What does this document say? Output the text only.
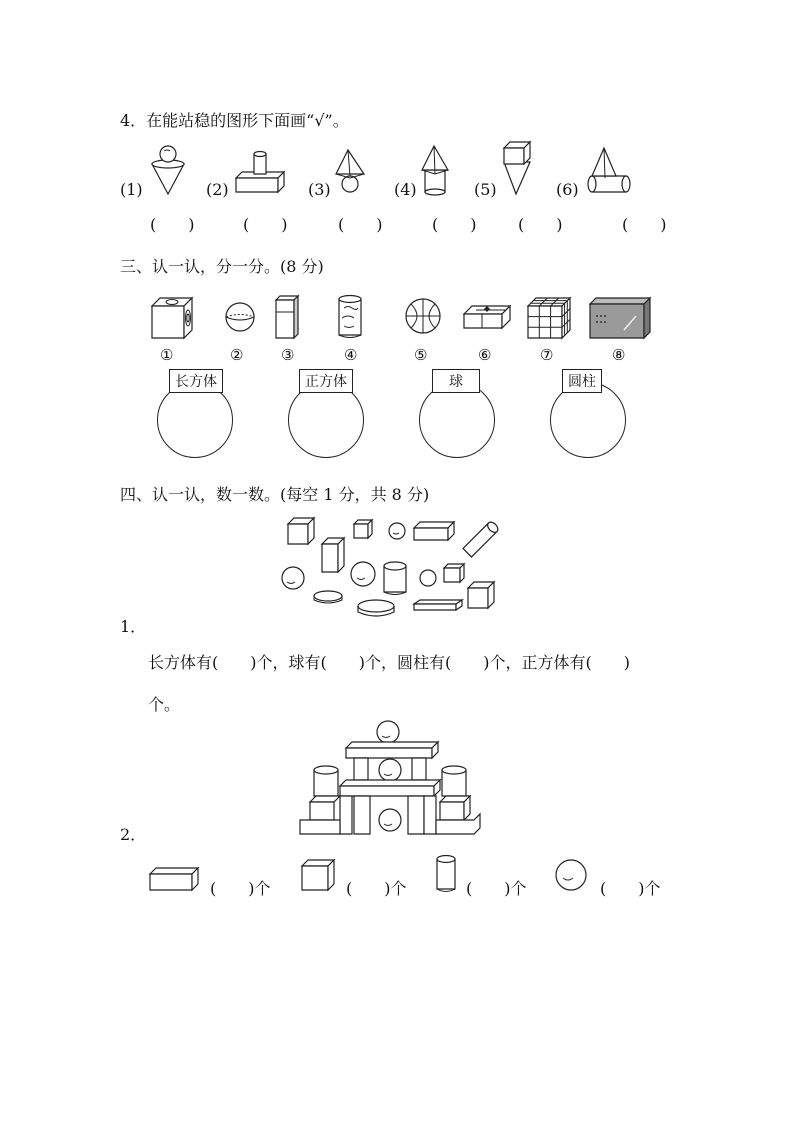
4．在能站稳的图形下面画“√”。
(1)	(2)	(3)	(4)	(5)	(6)
(　　)	(　　)	(　　)	(　　)	(　　)	(　　)
三、认一认，分一分。(8 分)
①	②	③	④	⑤	⑥	⑦	⑧
长方体	正方体	球	圆柱
四、认一认，数一数。(每空 1 分，共 8 分)
1．
长方体有(　　)个，球有(　　)个，圆柱有(　　)个，正方体有(　　)
个。
2．
(　　)个	(　　)个	(　　)个	(　　)个
